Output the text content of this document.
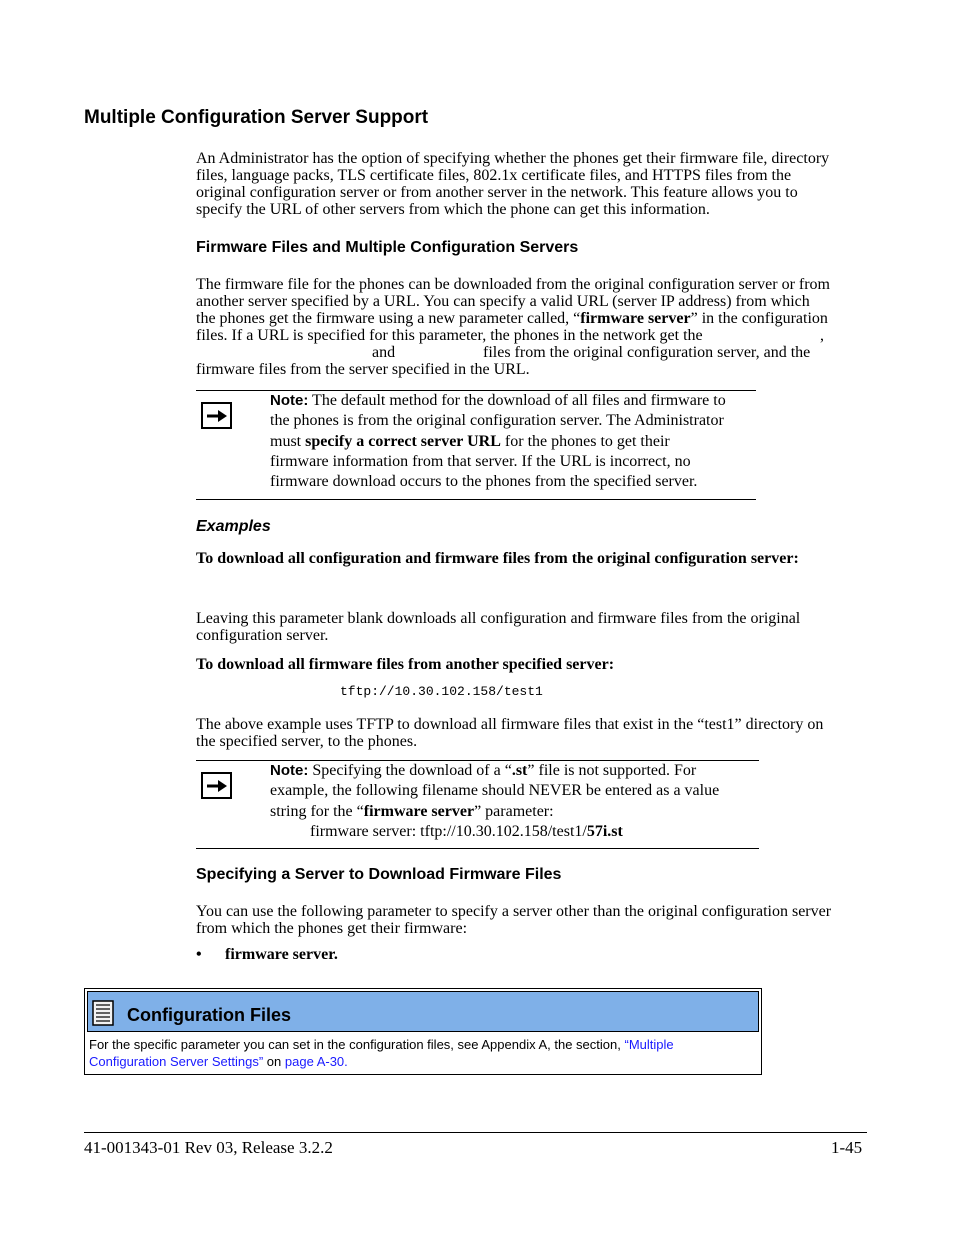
Multiple Configuration Server Support
An Administrator has the option of specifying whether the phones get their firmware file, directory
files, language packs, TLS certificate files, 802.1x certificate files, and HTTPS files from the
original configuration server or from another server in the network. This feature allows you to
specify the URL of other servers from which the phone can get this information.
Firmware Files and Multiple Configuration Servers
The firmware file for the phones can be downloaded from the original configuration server or from
another server specified by a URL. You can specify a valid URL (server IP address) from which
the phones get the firmware using a new parameter called, “firmware server” in the configuration
files. If a URL is specified for this parameter, the phones in the network get the	,
and	files from the original configuration server, and the
firmware files from the server specified in the URL.
Note: The default method for the download of all files and firmware to
the phones is from the original configuration server. The Administrator
must specify a correct server URL for the phones to get their
firmware information from that server. If the URL is incorrect, no
firmware download occurs to the phones from the specified server.
Examples
To download all configuration and firmware files from the original configuration server:
Leaving this parameter blank downloads all configuration and firmware files from the original
configuration server.
To download all firmware files from another specified server:
tftp://10.30.102.158/test1
The above example uses TFTP to download all firmware files that exist in the “test1” directory on
the specified server, to the phones.
Note: Specifying the download of a “.st” file is not supported. For
example, the following filename should NEVER be entered as a value
string for the “firmware server” parameter:
firmware server: tftp://10.30.102.158/test1/57i.st
Specifying a Server to Download Firmware Files
You can use the following parameter to specify a server other than the original configuration server
from which the phones get their firmware:
• firmware server.
Configuration Files
For the specific parameter you can set in the configuration files, see Appendix A, the section, “Multiple
Configuration Server Settings” on page A-30.
41-001343-01 Rev 03, Release 3.2.2	1-45
